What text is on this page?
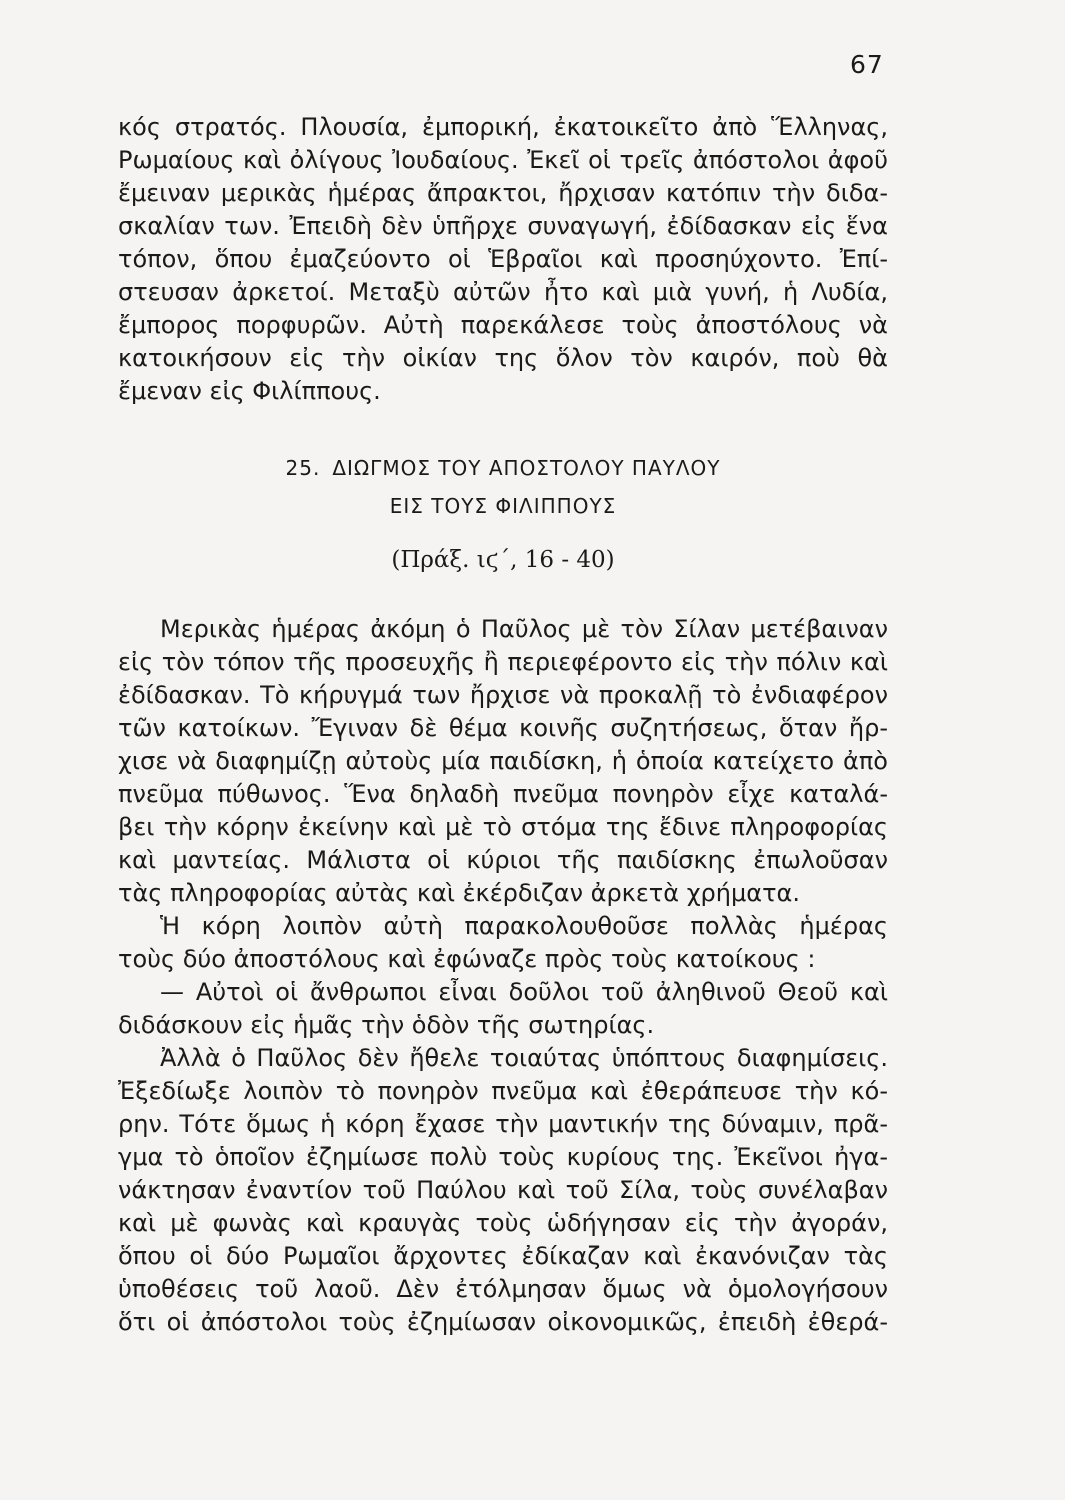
67
κός στρατός. Πλουσία, ἐμπορική, ἐκατοικεῖτο ἀπὸ Ἕλληνας,
Ρωμαίους καὶ ὀλίγους Ἰουδαίους. Ἐκεῖ οἱ τρεῖς ἀπόστολοι ἀφοῦ
ἔμειναν μερικὰς ἡμέρας ἄπρακτοι, ἤρχισαν κατόπιν τὴν διδα-
σκαλίαν των. Ἐπειδὴ δὲν ὑπῆρχε συναγωγή, ἐδίδασκαν εἰς ἕνα
τόπον, ὅπου ἐμαζεύοντο οἱ Ἑβραῖοι καὶ προσηύχοντο. Ἐπί-
στευσαν ἀρκετοί. Μεταξὺ αὐτῶν ἦτο καὶ μιὰ γυνή, ἡ Λυδία,
ἔμπορος πορφυρῶν. Αὐτὴ παρεκάλεσε τοὺς ἀποστόλους νὰ
κατοικήσουν εἰς τὴν οἰκίαν της ὅλον τὸν καιρόν, ποὺ θὰ
ἔμεναν εἰς Φιλίππους.
25. ΔΙΩΓΜΟΣ ΤΟΥ ΑΠΟΣΤΟΛΟΥ ΠΑΥΛΟΥ
ΕΙΣ ΤΟΥΣ ΦΙΛΙΠΠΟΥΣ
(Πράξ. ιϛ΄, 16 - 40)
Μερικὰς ἡμέρας ἀκόμη ὁ Παῦλος μὲ τὸν Σίλαν μετέβαιναν
εἰς τὸν τόπον τῆς προσευχῆς ἢ περιεφέροντο εἰς τὴν πόλιν καὶ
ἐδίδασκαν. Τὸ κήρυγμά των ἤρχισε νὰ προκαλῇ τὸ ἐνδιαφέρον
τῶν κατοίκων. Ἔγιναν δὲ θέμα κοινῆς συζητήσεως, ὅταν ἤρ-
χισε νὰ διαφημίζῃ αὐτοὺς μία παιδίσκη, ἡ ὁποία κατείχετο ἀπὸ
πνεῦμα πύθωνος. Ἕνα δηλαδὴ πνεῦμα πονηρὸν εἶχε καταλά-
βει τὴν κόρην ἐκείνην καὶ μὲ τὸ στόμα της ἔδινε πληροφορίας
καὶ μαντείας. Μάλιστα οἱ κύριοι τῆς παιδίσκης ἐπωλοῦσαν
τὰς πληροφορίας αὐτὰς καὶ ἐκέρδιζαν ἀρκετὰ χρήματα.
Ἡ κόρη λοιπὸν αὐτὴ παρακολουθοῦσε πολλὰς ἡμέρας
τοὺς δύο ἀποστόλους καὶ ἐφώναζε πρὸς τοὺς κατοίκους :
— Αὐτοὶ οἱ ἄνθρωποι εἶναι δοῦλοι τοῦ ἀληθινοῦ Θεοῦ καὶ
διδάσκουν εἰς ἡμᾶς τὴν ὁδὸν τῆς σωτηρίας.
Ἀλλὰ ὁ Παῦλος δὲν ἤθελε τοιαύτας ὑπόπτους διαφημίσεις.
Ἐξεδίωξε λοιπὸν τὸ πονηρὸν πνεῦμα καὶ ἐθεράπευσε τὴν κό-
ρην. Τότε ὅμως ἡ κόρη ἔχασε τὴν μαντικήν της δύναμιν, πρᾶ-
γμα τὸ ὁποῖον ἐζημίωσε πολὺ τοὺς κυρίους της. Ἐκεῖνοι ἠγα-
νάκτησαν ἐναντίον τοῦ Παύλου καὶ τοῦ Σίλα, τοὺς συνέλαβαν
καὶ μὲ φωνὰς καὶ κραυγὰς τοὺς ὡδήγησαν εἰς τὴν ἀγοράν,
ὅπου οἱ δύο Ρωμαῖοι ἄρχοντες ἐδίκαζαν καὶ ἐκανόνιζαν τὰς
ὑποθέσεις τοῦ λαοῦ. Δὲν ἐτόλμησαν ὅμως νὰ ὁμολογήσουν
ὅτι οἱ ἀπόστολοι τοὺς ἐζημίωσαν οἰκονομικῶς, ἐπειδὴ ἐθερά-
